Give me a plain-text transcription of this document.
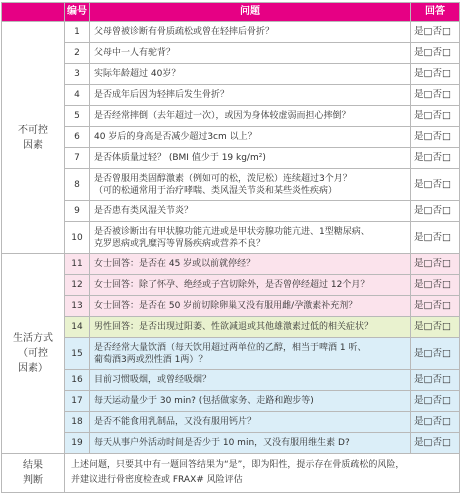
	编号	问题	回答
不可控
因素	1	父母曾被诊断有骨质疏松或曾在轻摔后骨折？	是□否□
	2	父母中一人有驼背？	是□否□
	3	实际年龄超过 40岁？	是□否□
	4	是否成年后因为轻摔后发生骨折？	是□否□
	5	是否经常摔倒（去年超过一次），或因为身体较虚弱而担心摔倒？	是□否□
	6	40 岁后的身高是否减少超过3cm 以上？	是□否□
	7	是否体质量过轻？ (BMI 值少于 19 kg/m²)	是□否□
	8	是否曾服用类固醇激素（例如可的松，泼尼松）连续超过3个月？
（可的松通常用于治疗哮喘、类风湿关节炎和某些炎性疾病）	是□否□
	9	是否患有类风湿关节炎？	是□否□
	10	是否被诊断出有甲状腺功能亢进或是甲状旁腺功能亢进、1型糖尿病、
克罗恩病或乳糜泻等胃肠疾病或营养不良？	是□否□
生活方式
（可控
因素）	11	女士回答：是否在 45 岁或以前就停经？	是□否□
	12	女士回答：除了怀孕、绝经或子宫切除外，是否曾停经超过 12个月？	是□否□
	13	女士回答：是否在 50 岁前切除卵巢又没有服用雌/孕激素补充剂？	是□否□
	14	男性回答：是否出现过阳萎、性欲减退或其他雄激素过低的相关症状？	是□否□
	15	是否经常大量饮酒（每天饮用超过两单位的乙醇，相当于啤酒 1 听、
葡萄酒3两或烈性酒 1两）？	是□否□
	16	目前习惯吸烟，或曾经吸烟？	是□否□
	17	每天运动量少于 30 min? (包括做家务、走路和跑步等)	是□否□
	18	是否不能食用乳制品，又没有服用钙片？	是□否□
	19	每天从事户外活动时间是否少于 10 min，又没有服用维生素 D?	是□否□
结果
判断	上述问题，只要其中有一题回答结果为“是”，即为阳性，提示存在骨质疏松的风险，
并建议进行骨密度检查或 FRAX# 风险评估		
